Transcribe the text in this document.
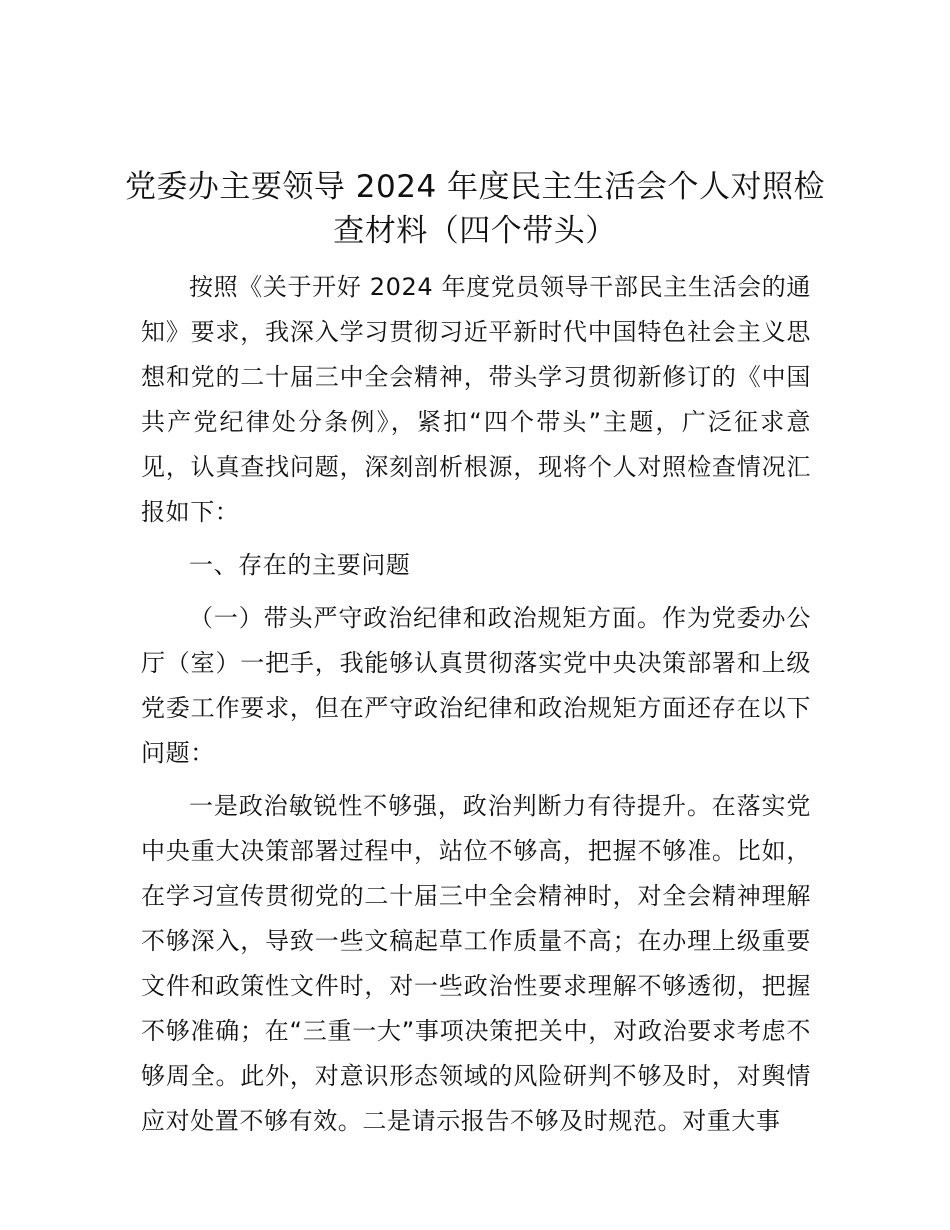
党委办主要领导 2024 年度民主生活会个人对照检查材料（四个带头）

按照《关于开好 2024 年度党员领导干部民主生活会的通知》要求，我深入学习贯彻习近平新时代中国特色社会主义思想和党的二十届三中全会精神，带头学习贯彻新修订的《中国共产党纪律处分条例》，紧扣“四个带头”主题，广泛征求意见，认真查找问题，深刻剖析根源，现将个人对照检查情况汇报如下：

一、存在的主要问题

（一）带头严守政治纪律和政治规矩方面。作为党委办公厅（室）一把手，我能够认真贯彻落实党中央决策部署和上级党委工作要求，但在严守政治纪律和政治规矩方面还存在以下问题：

一是政治敏锐性不够强，政治判断力有待提升。在落实党中央重大决策部署过程中，站位不够高，把握不够准。比如，在学习宣传贯彻党的二十届三中全会精神时，对全会精神理解不够深入，导致一些文稿起草工作质量不高；在办理上级重要文件和政策性文件时，对一些政治性要求理解不够透彻，把握不够准确；在“三重一大”事项决策把关中，对政治要求考虑不够周全。此外，对意识形态领域的风险研判不够及时，对舆情应对处置不够有效。二是请示报告不够及时规范。对重大事
